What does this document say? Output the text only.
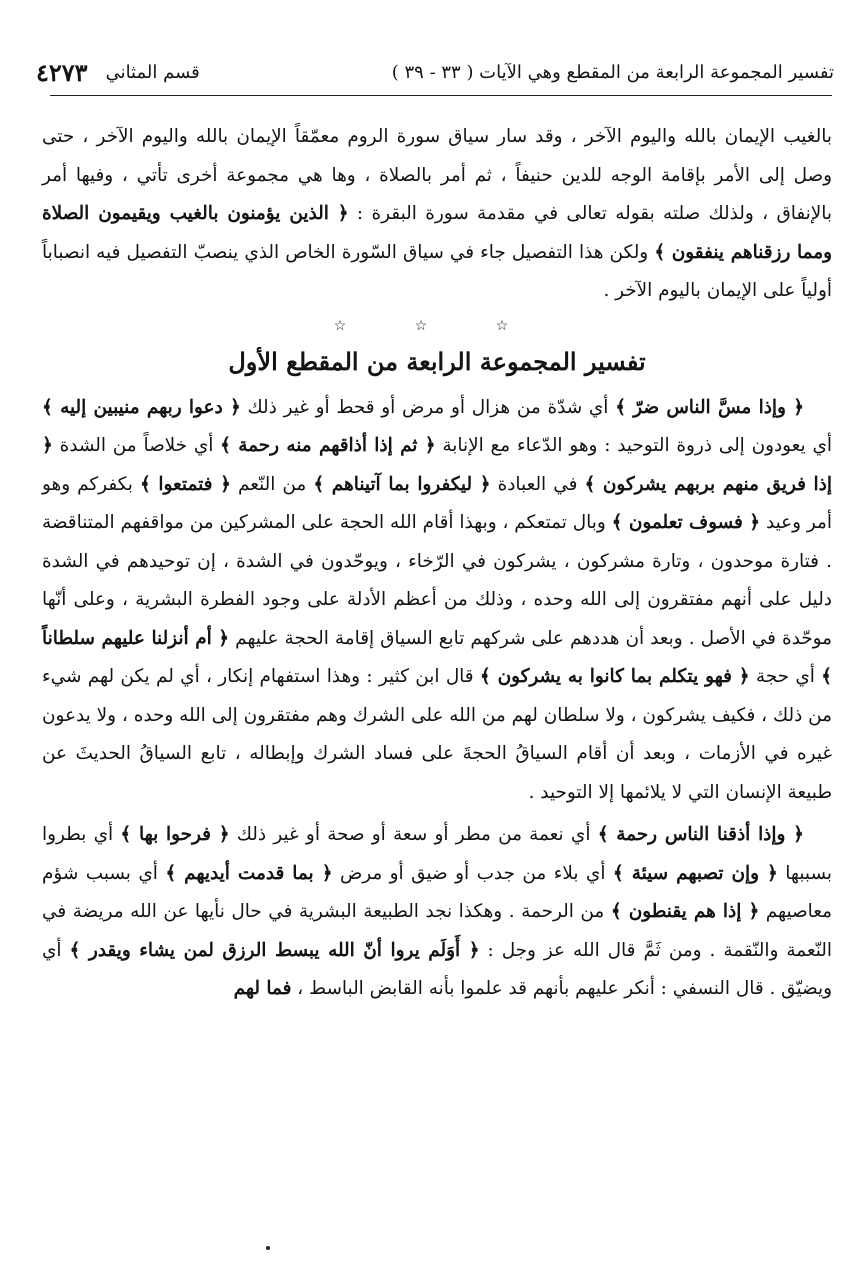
تفسير المجموعة الرابعة من المقطع وهي الآيات ( ٣٣ - ٣٩ )
قسم المثاني
٤٢٧٣

بالغيب الإيمان بالله واليوم الآخر ، وقد سار سياق سورة الروم معمّقاً الإيمان بالله واليوم الآخر ، حتى وصل إلى الأمر بإقامة الوجه للدين حنيفاً ، ثم أمر بالصلاة ، وها هي مجموعة أخرى تأتي ، وفيها أمر بالإنفاق ، ولذلك صلته بقوله تعالى في مقدمة سورة البقرة : ﴿ الذين يؤمنون بالغيب ويقيمون الصلاة ومما رزقناهم ينفقون ﴾ ولكن هذا التفصيل جاء في سياق السّورة الخاص الذي ينصبّ التفصيل فيه انصباباً أولياً على الإيمان باليوم الآخر .

☆ ☆ ☆
تفسير المجموعة الرابعة من المقطع الأول

﴿ وإذا مسَّ الناس ضرّ ﴾ أي شدّة من هزال أو مرض أو قحط أو غير ذلك ﴿ دعوا ربهم منيبين إليه ﴾ أي يعودون إلى ذروة التوحيد : وهو الدّعاء مع الإنابة ﴿ ثم إذا أذاقهم منه رحمة ﴾ أي خلاصاً من الشدة ﴿ إذا فريق منهم بربهم يشركون ﴾ في العبادة ﴿ ليكفروا بما آتيناهم ﴾ من النّعم ﴿ فتمتعوا ﴾ بكفركم وهو أمر وعيد ﴿ فسوف تعلمون ﴾ وبال تمتعكم ، وبهذا أقام الله الحجة على المشركين من مواقفهم المتناقضة . فتارة موحدون ، وتارة مشركون ، يشركون في الرّخاء ، ويوحّدون في الشدة ، إن توحيدهم في الشدة دليل على أنهم مفتقرون إلى الله وحده ، وذلك من أعظم الأدلة على وجود الفطرة البشرية ، وعلى أنّها موحّدة في الأصل . وبعد أن هددهم على شركهم تابع السياق إقامة الحجة عليهم ﴿ أم أنزلنا عليهم سلطاناً ﴾ أي حجة ﴿ فهو يتكلم بما كانوا به يشركون ﴾ قال ابن كثير : وهذا استفهام إنكار ، أي لم يكن لهم شيء من ذلك ، فكيف يشركون ، ولا سلطان لهم من الله على الشرك وهم مفتقرون إلى الله وحده ، ولا يدعون غيره في الأزمات ، وبعد أن أقام السياقُ الحجةَ على فساد الشرك وإبطاله ، تابع السياقُ الحديثَ عن طبيعة الإنسان التي لا يلائمها إلا التوحيد .

﴿ وإذا أذقنا الناس رحمة ﴾ أي نعمة من مطر أو سعة أو صحة أو غير ذلك ﴿ فرحوا بها ﴾ أي بطروا بسببها ﴿ وإن تصبهم سيئة ﴾ أي بلاء من جدب أو ضيق أو مرض ﴿ بما قدمت أيديهم ﴾ أي بسبب شؤم معاصيهم ﴿ إذا هم يقنطون ﴾ من الرحمة . وهكذا نجد الطبيعة البشرية في حال نأيها عن الله مريضة في النّعمة والنّقمة . ومن ثَمَّ قال الله عز وجل : ﴿ أَوَلَم يروا أنّ الله يبسط الرزق لمن يشاء ويقدر ﴾ أي ويضيّق . قال النسفي : أنكر عليهم بأنهم قد علموا بأنه القابض الباسط ، فما لهم
